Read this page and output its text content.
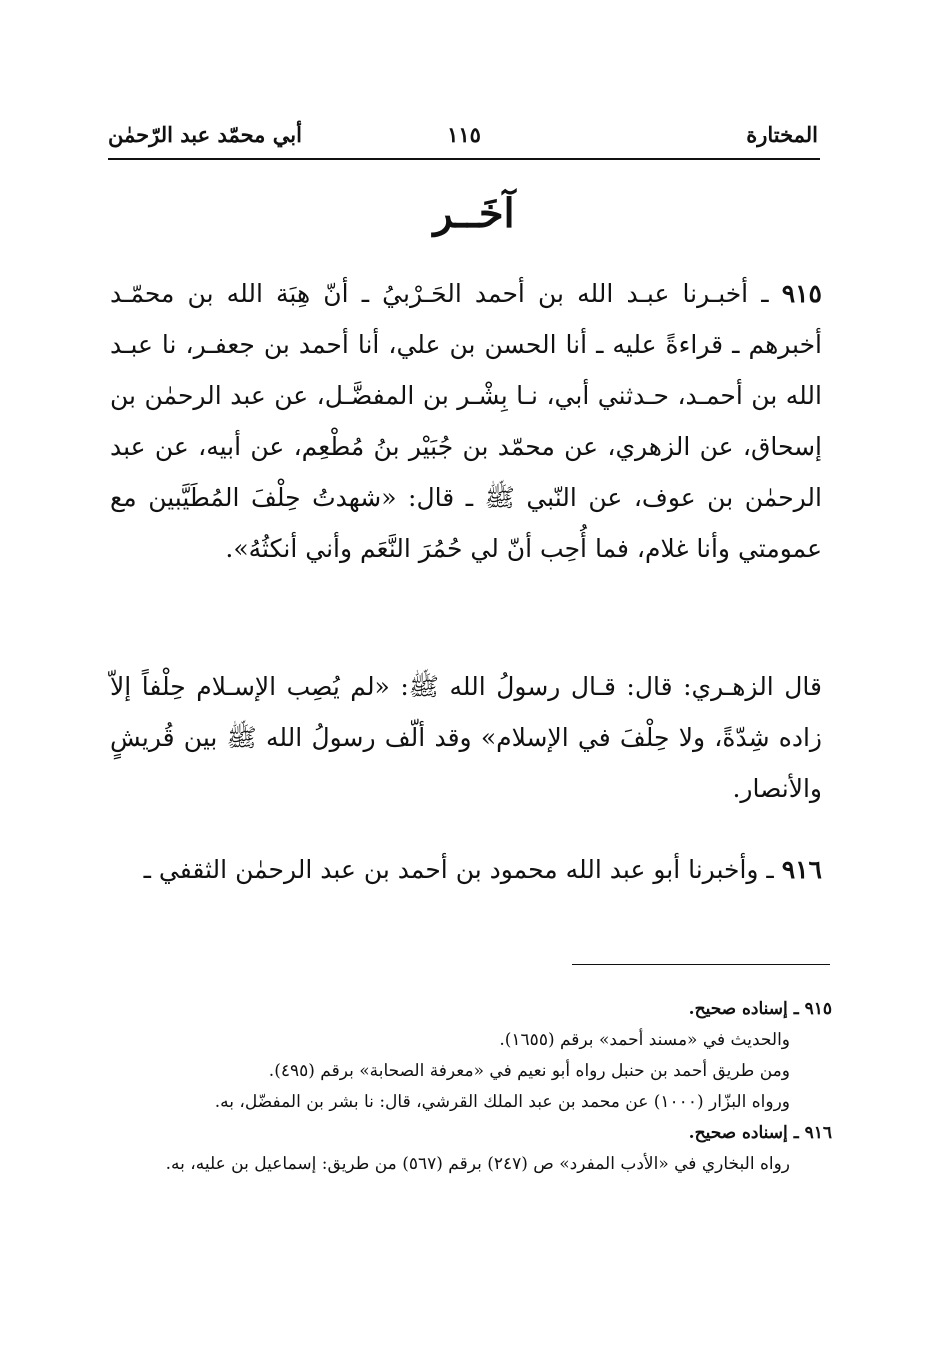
المختارة
١١٥
أبي محمّد عبد الرّحمٰن
آخَــر
٩١٥ ـ أخبـرنا عبـد الله بن أحمد الحَـرْبيُ ـ أنّ هِبَة الله بن محمّـد أخبرهم ـ قراءةً عليه ـ أنا الحسن بن علي، أنا أحمد بن جعفـر، نا عبـد الله بن أحمـد، حـدثني أبي، نـا بِشْـر بن المفضَّـل، عن عبد الرحمٰن بن إسحاق، عن الزهري، عن محمّد بن جُبَيْر بنُ مُطْعِم، عن أبيه، عن عبد الرحمٰن بن عوف، عن النّبي ﷺ ـ قال: «شهدتُ حِلْفَ المُطَيَّبين مع عمومتي وأنا غلام، فما أُحِب أنّ لي حُمُرَ النَّعَم وأني أنكثُهُ».
قال الزهـري: قال: قـال رسولُ الله ﷺ: «لم يُصِب الإسـلام حِلْفاً إلاّ زاده شِدّةً، ولا حِلْفَ في الإسلام» وقد ألّف رسولُ الله ﷺ بين قُريشٍ والأنصار.
٩١٦ ـ وأخبرنا أبو عبد الله محمود بن أحمد بن عبد الرحمٰن الثقفي ـ

٩١٥ ـ إسناده صحيح.

والحديث في «مسند أحمد» برقم (١٦٥٥).

ومن طريق أحمد بن حنبل رواه أبو نعيم في «معرفة الصحابة» برقم (٤٩٥).

ورواه البزّار (١٠٠٠) عن محمد بن عبد الملك القرشي، قال: نا بشر بن المفضّل، به.

٩١٦ ـ إسناده صحيح.

رواه البخاري في «الأدب المفرد» ص (٢٤٧) برقم (٥٦٧) من طريق: إسماعيل بن عليه، به.
